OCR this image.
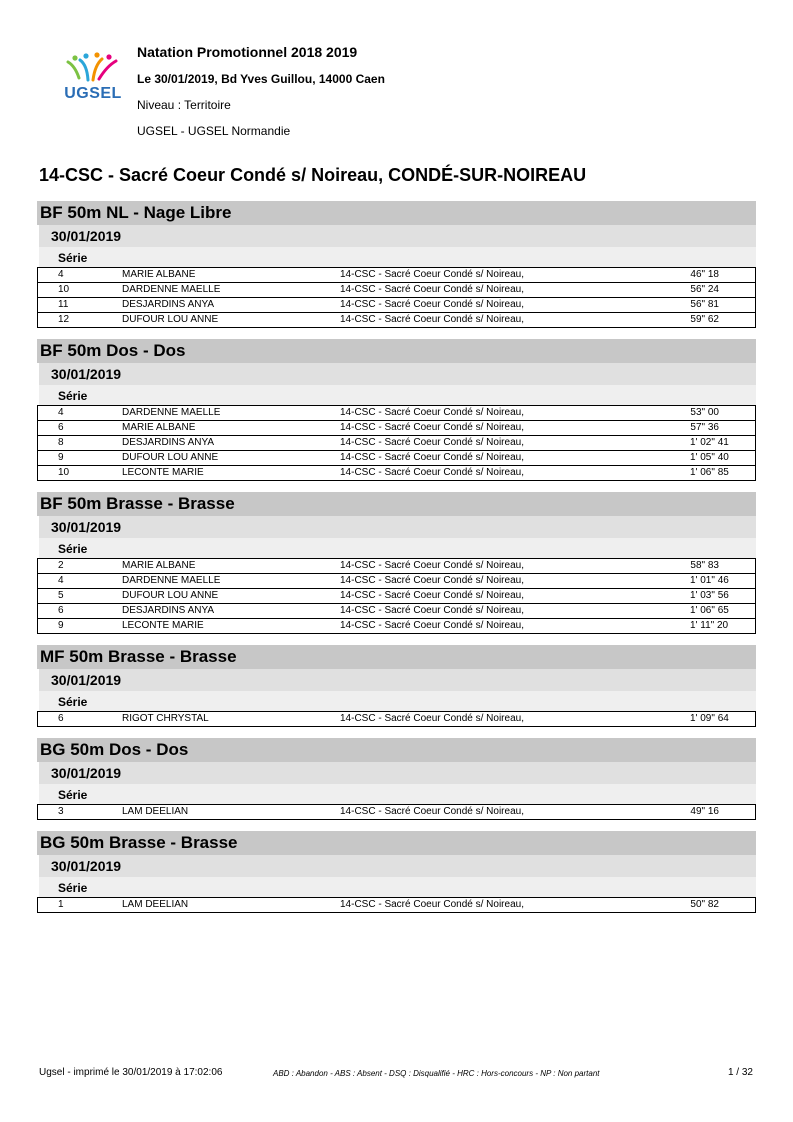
UGSEL
Natation Promotionnel 2018 2019
Le 30/01/2019, Bd Yves Guillou, 14000 Caen
Niveau : Territoire
UGSEL - UGSEL Normandie
14-CSC - Sacré Coeur Condé s/ Noireau, CONDÉ-SUR-NOIREAU
BF 50m NL - Nage Libre
30/01/2019
Série
4	MARIE ALBANE	14-CSC - Sacré Coeur Condé s/ Noireau,	46" 18
10	DARDENNE MAELLE	14-CSC - Sacré Coeur Condé s/ Noireau,	56" 24
11	DESJARDINS ANYA	14-CSC - Sacré Coeur Condé s/ Noireau,	56" 81
12	DUFOUR LOU ANNE	14-CSC - Sacré Coeur Condé s/ Noireau,	59" 62
BF 50m Dos - Dos
30/01/2019
Série
4	DARDENNE MAELLE	14-CSC - Sacré Coeur Condé s/ Noireau,	53" 00
6	MARIE ALBANE	14-CSC - Sacré Coeur Condé s/ Noireau,	57" 36
8	DESJARDINS ANYA	14-CSC - Sacré Coeur Condé s/ Noireau,	1' 02" 41
9	DUFOUR LOU ANNE	14-CSC - Sacré Coeur Condé s/ Noireau,	1' 05" 40
10	LECONTE MARIE	14-CSC - Sacré Coeur Condé s/ Noireau,	1' 06" 85
BF 50m Brasse - Brasse
30/01/2019
Série
2	MARIE ALBANE	14-CSC - Sacré Coeur Condé s/ Noireau,	58" 83
4	DARDENNE MAELLE	14-CSC - Sacré Coeur Condé s/ Noireau,	1' 01" 46
5	DUFOUR LOU ANNE	14-CSC - Sacré Coeur Condé s/ Noireau,	1' 03" 56
6	DESJARDINS ANYA	14-CSC - Sacré Coeur Condé s/ Noireau,	1' 06" 65
9	LECONTE MARIE	14-CSC - Sacré Coeur Condé s/ Noireau,	1' 11" 20
MF 50m Brasse - Brasse
30/01/2019
Série
6	RIGOT CHRYSTAL	14-CSC - Sacré Coeur Condé s/ Noireau,	1' 09" 64
BG 50m Dos - Dos
30/01/2019
Série
3	LAM DEELIAN	14-CSC - Sacré Coeur Condé s/ Noireau,	49" 16
BG 50m Brasse - Brasse
30/01/2019
Série
1	LAM DEELIAN	14-CSC - Sacré Coeur Condé s/ Noireau,	50" 82
Ugsel - imprimé le 30/01/2019 à 17:02:06	ABD : Abandon - ABS : Absent - DSQ : Disqualifié - HRC : Hors-concours - NP : Non partant	1 / 32
